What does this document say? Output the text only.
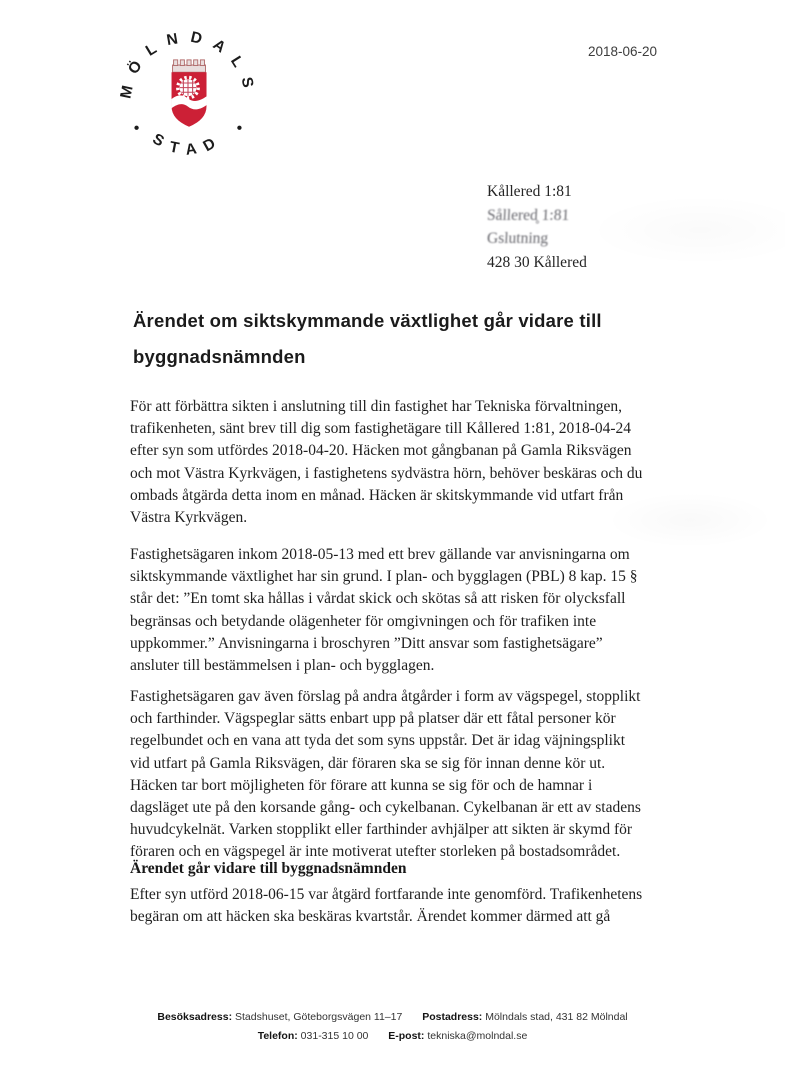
MÖLNDALS
STAD
2018-06-20
Kållered 1:81
Sållered̥ 1:81
Gslutning
428 30 Kållered
Ärendet om siktskymmande växtlighet går vidare till
byggnadsnämnden
För att förbättra sikten i anslutning till din fastighet har Tekniska förvaltningen,
trafikenheten, sänt brev till dig som fastighetägare till Kållered 1:81, 2018-04-24
efter syn som utfördes 2018-04-20. Häcken mot gångbanan på Gamla Riksvägen
och mot Västra Kyrkvägen, i fastighetens sydvästra hörn, behöver beskäras och du
ombads åtgärda detta inom en månad. Häcken är skitskymmande vid utfart från
Västra Kyrkvägen.
Fastighetsägaren inkom 2018-05-13 med ett brev gällande var anvisningarna om
siktskymmande växtlighet har sin grund. I plan- och bygglagen (PBL) 8 kap. 15 §
står det: ”En tomt ska hållas i vårdat skick och skötas så att risken för olycksfall
begränsas och betydande olägenheter för omgivningen och för trafiken inte
uppkommer.” Anvisningarna i broschyren ”Ditt ansvar som fastighetsägare”
ansluter till bestämmelsen i plan- och bygglagen.
Fastighetsägaren gav även förslag på andra åtgårder i form av vägspegel, stopplikt
och farthinder. Vägspeglar sätts enbart upp på platser där ett fåtal personer kör
regelbundet och en vana att tyda det som syns uppstår. Det är idag väjningsplikt
vid utfart på Gamla Riksvägen, där föraren ska se sig för innan denne kör ut.
Häcken tar bort möjligheten för förare att kunna se sig för och de hamnar i
dagsläget ute på den korsande gång- och cykelbanan. Cykelbanan är ett av stadens
huvudcykelnät. Varken stopplikt eller farthinder avhjälper att sikten är skymd för
föraren och en vägspegel är inte motiverat utefter storleken på bostadsområdet.
Ärendet går vidare till byggnadsnämnden
Efter syn utförd 2018-06-15 var åtgärd fortfarande inte genomförd. Trafikenhetens
begäran om att häcken ska beskäras kvartstår. Ärendet kommer därmed att gå
Besöksadress: Stadshuset, Göteborgsvägen 11–17 Postadress: Mölndals stad, 431 82 Mölndal
Telefon: 031-315 10 00 E-post: tekniska@molndal.se
